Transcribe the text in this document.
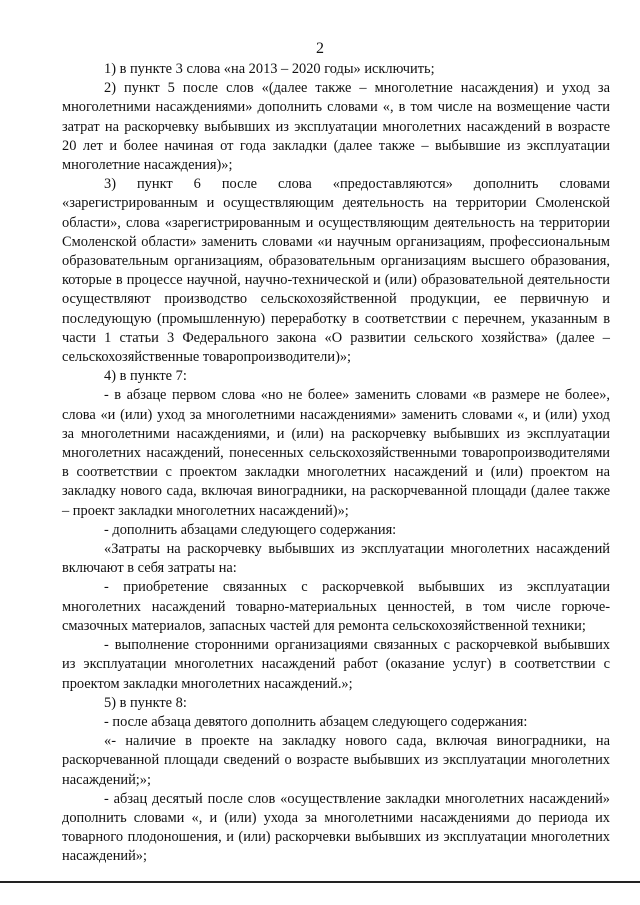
2

1) в пункте 3 слова «на 2013 – 2020 годы» исключить;

2) пункт 5 после слов «(далее также – многолетние насаждения) и уход за многолетними насаждениями» дополнить словами «, в том числе на возмещение части затрат на раскорчевку выбывших из эксплуатации многолетних насаждений в возрасте 20 лет и более начиная от года закладки (далее также – выбывшие из эксплуатации многолетние насаждения)»;

3) пункт 6 после слова «предоставляются» дополнить словами «зарегистрированным и осуществляющим деятельность на территории Смоленской области», слова «зарегистрированным и осуществляющим деятельность на территории Смоленской области» заменить словами «и научным организациям, профессиональным образовательным организациям, образовательным организациям высшего образования, которые в процессе научной, научно-технической и (или) образовательной деятельности осуществляют производство сельскохозяйственной продукции, ее первичную и последующую (промышленную) переработку в соответствии с перечнем, указанным в части 1 статьи 3 Федерального закона «О развитии сельского хозяйства» (далее – сельскохозяйственные товаропроизводители)»;

4) в пункте 7:

- в абзаце первом слова «но не более» заменить словами «в размере не более», слова «и (или) уход за многолетними насаждениями» заменить словами «, и (или) уход за многолетними насаждениями, и (или) на раскорчевку выбывших из эксплуатации многолетних насаждений, понесенных сельскохозяйственными товаропроизводителями в соответствии с проектом закладки многолетних насаждений и (или) проектом на закладку нового сада, включая виноградники, на раскорчеванной площади (далее также – проект закладки многолетних насаждений)»;

- дополнить абзацами следующего содержания:

«Затраты на раскорчевку выбывших из эксплуатации многолетних насаждений включают в себя затраты на:

- приобретение связанных с раскорчевкой выбывших из эксплуатации многолетних насаждений товарно-материальных ценностей, в том числе горюче-смазочных материалов, запасных частей для ремонта сельскохозяйственной техники;

- выполнение сторонними организациями связанных с раскорчевкой выбывших из эксплуатации многолетних насаждений работ (оказание услуг) в соответствии с проектом закладки многолетних насаждений.»;

5) в пункте 8:

- после абзаца девятого дополнить абзацем следующего содержания:

«- наличие в проекте на закладку нового сада, включая виноградники, на раскорчеванной площади сведений о возрасте выбывших из эксплуатации многолетних насаждений;»;

- абзац десятый после слов «осуществление закладки многолетних насаждений» дополнить словами «, и (или) ухода за многолетними насаждениями до периода их товарного плодоношения, и (или) раскорчевки выбывших из эксплуатации многолетних насаждений»;
